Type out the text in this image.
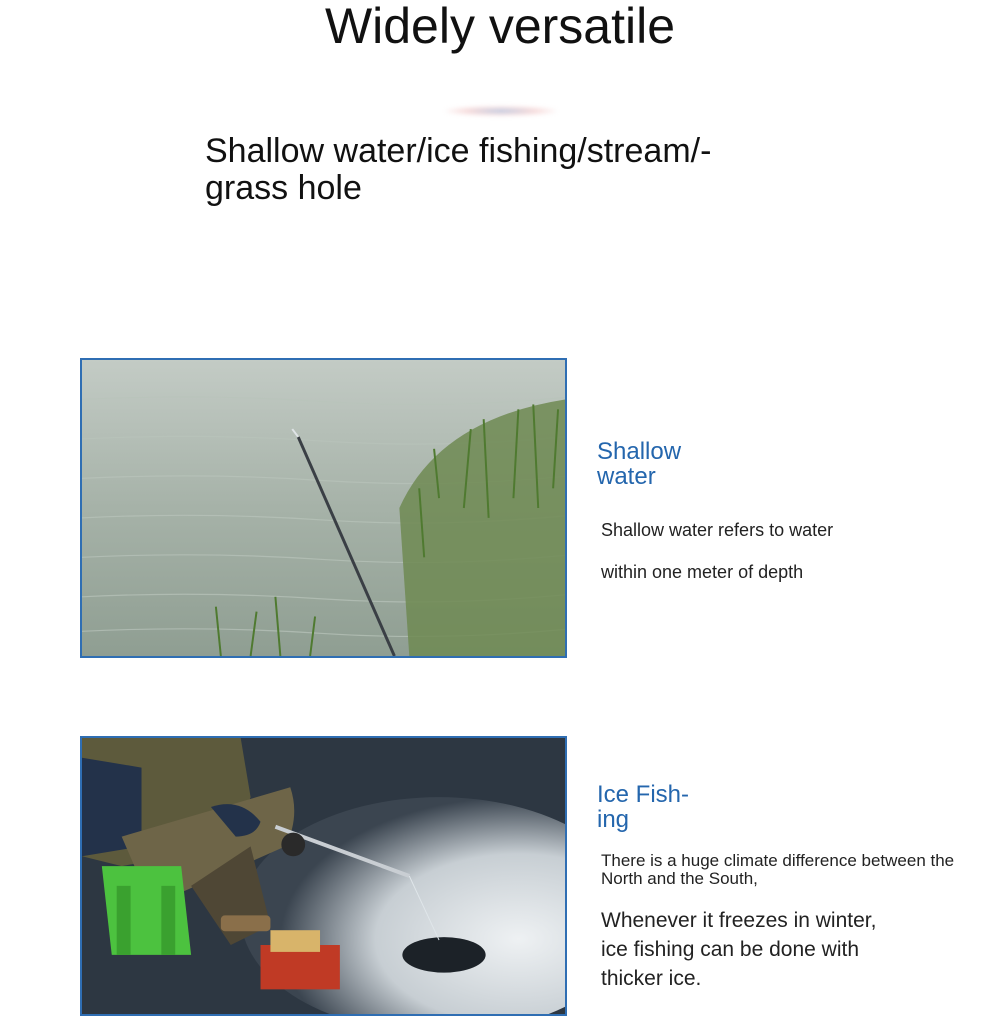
Widely versatile
Shallow water/ice fishing/stream/-grass hole
Shallow
water
Shallow water refers to water
within one meter of depth
Ice Fish-
ing
There is a huge climate difference between the North and the South,
Whenever it freezes in winter, ice fishing can be done with thicker ice.
